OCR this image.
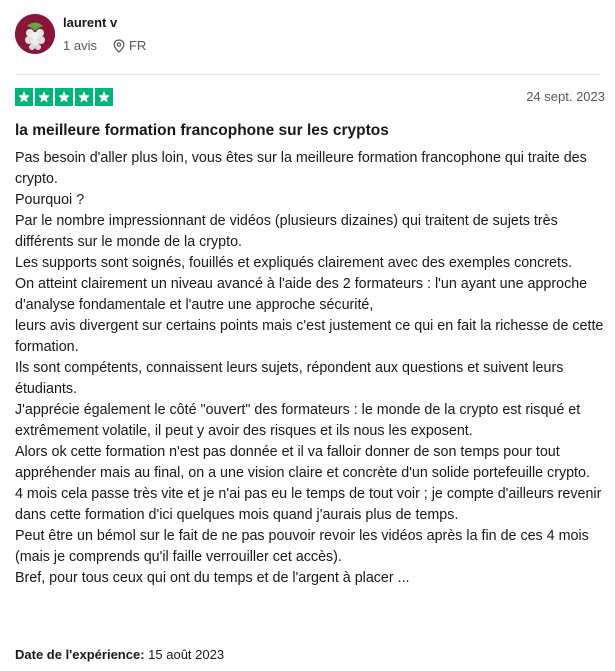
laurent v
1 avis FR
24 sept. 2023
la meilleure formation francophone sur les cryptos

Pas besoin d'aller plus loin, vous êtes sur la meilleure formation francophone qui traite des crypto.

Pourquoi ?

Par le nombre impressionnant de vidéos (plusieurs dizaines) qui traitent de sujets très différents sur le monde de la crypto.

Les supports sont soignés, fouillés et expliqués clairement avec des exemples concrets.

On atteint clairement un niveau avancé à l'aide des 2 formateurs : l'un ayant une approche d'analyse fondamentale et l'autre une approche sécurité,

leurs avis divergent sur certains points mais c'est justement ce qui en fait la richesse de cette formation.

Ils sont compétents, connaissent leurs sujets, répondent aux questions et suivent leurs étudiants.

J'apprécie également le côté "ouvert" des formateurs : le monde de la crypto est risqué et extrêmement volatile, il peut y avoir des risques et ils nous les exposent.

Alors ok cette formation n'est pas donnée et il va falloir donner de son temps pour tout appréhender mais au final, on a une vision claire et concrète d'un solide portefeuille crypto.

4 mois cela passe très vite et je n'ai pas eu le temps de tout voir ; je compte d'ailleurs revenir dans cette formation d'ici quelques mois quand j'aurais plus de temps.

Peut être un bémol sur le fait de ne pas pouvoir revoir les vidéos après la fin de ces 4 mois (mais je comprends qu'il faille verrouiller cet accès).

Bref, pour tous ceux qui ont du temps et de l'argent à placer ...

Date de l'expérience: 15 août 2023
